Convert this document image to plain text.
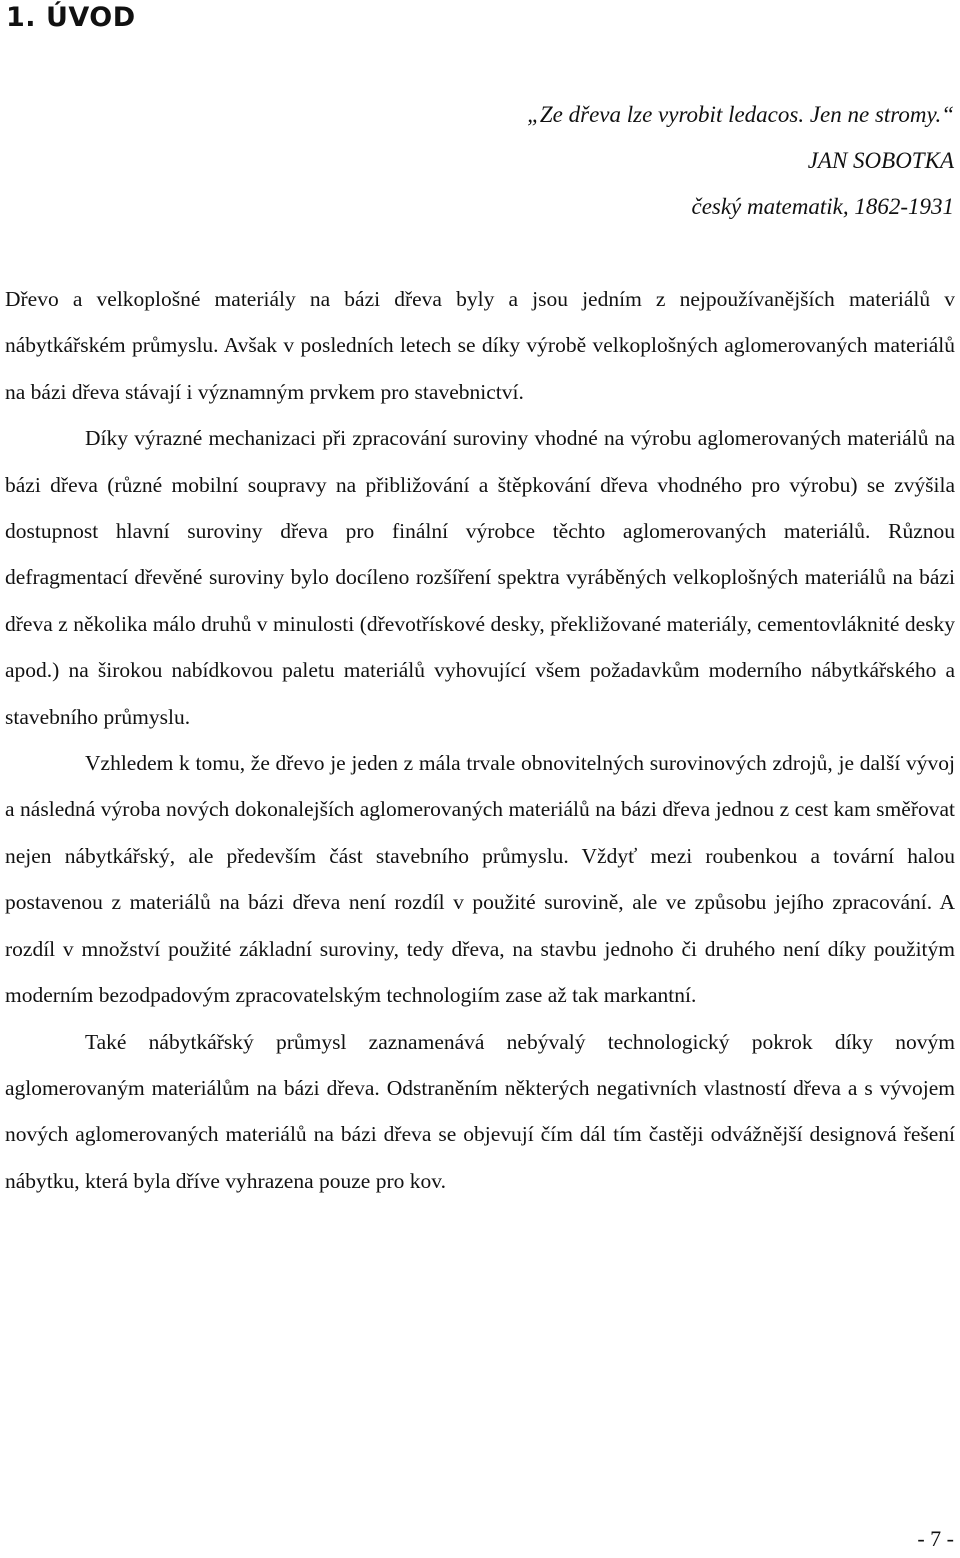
1. ÚVOD
„Ze dřeva lze vyrobit ledacos. Jen ne stromy.“
JAN SOBOTKA
český matematik, 1862-1931

Dřevo a velkoplošné materiály na bázi dřeva byly a jsou jedním z nejpoužívanějších materiálů v nábytkářském průmyslu. Avšak v posledních letech se díky výrobě velkoplošných aglomerovaných materiálů na bázi dřeva stávají i významným prvkem pro stavebnictví.

Díky výrazné mechanizaci při zpracování suroviny vhodné na výrobu aglomerovaných materiálů na bázi dřeva (různé mobilní soupravy na přibližování a štěpkování dřeva vhodného pro výrobu) se zvýšila dostupnost hlavní suroviny dřeva pro finální výrobce těchto aglomerovaných materiálů. Různou defragmentací dřevěné suroviny bylo docíleno rozšíření spektra vyráběných velkoplošných materiálů na bázi dřeva z několika málo druhů v minulosti (dřevotřískové desky, překližované materiály, cementovláknité desky apod.) na širokou nabídkovou paletu materiálů vyhovující všem požadavkům moderního nábytkářského a stavebního průmyslu.

Vzhledem k tomu, že dřevo je jeden z mála trvale obnovitelných surovinových zdrojů, je další vývoj a následná výroba nových dokonalejších aglomerovaných materiálů na bázi dřeva jednou z cest kam směřovat nejen nábytkářský, ale především část stavebního průmyslu. Vždyť mezi roubenkou a tovární halou postavenou z materiálů na bázi dřeva není rozdíl v použité surovině, ale ve způsobu jejího zpracování. A rozdíl v množství použité základní suroviny, tedy dřeva, na stavbu jednoho či druhého není díky použitým moderním bezodpadovým zpracovatelským technologiím zase až tak markantní.

Také nábytkářský průmysl zaznamenává nebývalý technologický pokrok díky novým aglomerovaným materiálům na bázi dřeva. Odstraněním některých negativních vlastností dřeva a s vývojem nových aglomerovaných materiálů na bázi dřeva se objevují čím dál tím častěji odvážnější designová řešení nábytku, která byla dříve vyhrazena pouze pro kov.

- 7 -
